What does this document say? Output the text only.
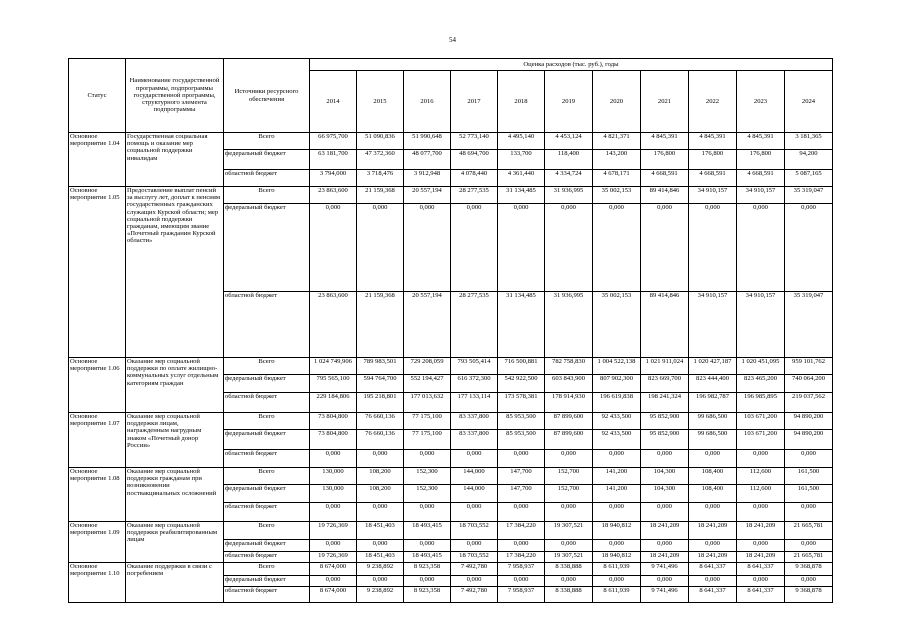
54
Статус	Наименование государственной программы, подпрограммы государственной программы, структурного элемента подпрограммы	Источники ресурсного обеспечения	Оценка расходов (тыс. руб.), годы										
			2014	2015	2016	2017	2018	2019	2020	2021	2022	2023	2024
Основное мероприятие 1.04	Государственная социальная помощь и оказание мер социальной поддержки инвалидам	Всего	66 975,700	51 090,836	51 990,648	52 773,140	4 495,140	4 453,124	4 821,371	4 845,391	4 845,391	4 845,391	3 181,365
		федеральный бюджет	63 181,700	47 372,360	48 077,700	48 694,700	133,700	118,400	143,200	176,800	176,800	176,800	94,200
		областной бюджет	3 794,000	3 718,476	3 912,948	4 078,440	4 361,440	4 334,724	4 678,171	4 668,591	4 668,591	4 668,591	5 087,165
Основное мероприятие 1.05	Предоставление выплат пенсий за выслугу лет, доплат к пенсиям государственных гражданских служащих Курской области; мер социальной поддержки гражданам, имеющим звание «Почетный гражданин Курской области»	Всего	23 863,600	21 159,368	20 557,194	28 277,535	31 134,485	31 936,995	35 002,153	89 414,846	34 910,157	34 910,157	35 319,047
		федеральный бюджет	0,000	0,000	0,000	0,000	0,000	0,000	0,000	0,000	0,000	0,000	0,000
		областной бюджет	23 863,600	21 159,368	20 557,194	28 277,535	31 134,485	31 936,995	35 002,153	89 414,846	34 910,157	34 910,157	35 319,047
Основное мероприятие 1.06	Оказание мер социальной поддержки по оплате жилищно-коммунальных услуг отдельным категориям граждан	Всего	1 024 749,906	789 983,501	729 208,059	793 505,414	716 500,881	782 758,830	1 004 522,138	1 021 911,024	1 020 427,187	1 020 451,095	959 101,762
		федеральный бюджет	795 565,100	594 764,700	552 194,427	616 372,300	542 922,500	603 843,900	807 902,300	823 669,700	823 444,400	823 465,200	740 064,200
		областной бюджет	229 184,806	195 218,801	177 013,632	177 133,114	173 578,381	178 914,930	196 619,838	198 241,324	196 982,787	196 985,895	219 037,562
Основное мероприятие 1.07	Оказание мер социальной поддержки лицам, награжденным нагрудным знаком «Почетный донор России»	Всего	73 804,800	76 660,136	77 175,100	83 337,800	85 953,500	87 899,600	92 433,500	95 852,900	99 686,500	103 671,200	94 890,200
		федеральный бюджет	73 804,800	76 660,136	77 175,100	83 337,800	85 953,500	87 899,600	92 433,500	95 852,900	99 686,500	103 671,200	94 890,200
		областной бюджет	0,000	0,000	0,000	0,000	0,000	0,000	0,000	0,000	0,000	0,000	0,000
Основное мероприятие 1.08	Оказание мер социальной поддержки гражданам при возникновении поствакцинальных осложнений	Всего	130,000	108,200	152,300	144,000	147,700	152,700	141,200	104,300	108,400	112,600	161,500
		федеральный бюджет	130,000	108,200	152,300	144,000	147,700	152,700	141,200	104,300	108,400	112,600	161,500
		областной бюджет	0,000	0,000	0,000	0,000	0,000	0,000	0,000	0,000	0,000	0,000	0,000
Основное мероприятие 1.09	Оказание мер социальной поддержки реабилитированным лицам	Всего	19 726,369	18 451,403	18 493,415	18 703,552	17 384,220	19 307,521	18 940,812	18 241,209	18 241,209	18 241,209	21 665,781
		федеральный бюджет	0,000	0,000	0,000	0,000	0,000	0,000	0,000	0,000	0,000	0,000	0,000
		областной бюджет	19 726,369	18 451,403	18 493,415	18 703,552	17 384,220	19 307,521	18 940,812	18 241,209	18 241,209	18 241,209	21 665,781
Основное мероприятие 1.10	Оказание поддержки в связи с погребением	Всего	8 674,000	9 238,892	8 923,358	7 492,780	7 958,937	8 338,888	8 611,939	9 741,496	8 641,337	8 641,337	9 368,878
		федеральный бюджет	0,000	0,000	0,000	0,000	0,000	0,000	0,000	0,000	0,000	0,000	0,000
		областной бюджет	8 674,000	9 238,892	8 923,358	7 492,780	7 958,937	8 338,888	8 611,939	9 741,496	8 641,337	8 641,337	9 368,878
